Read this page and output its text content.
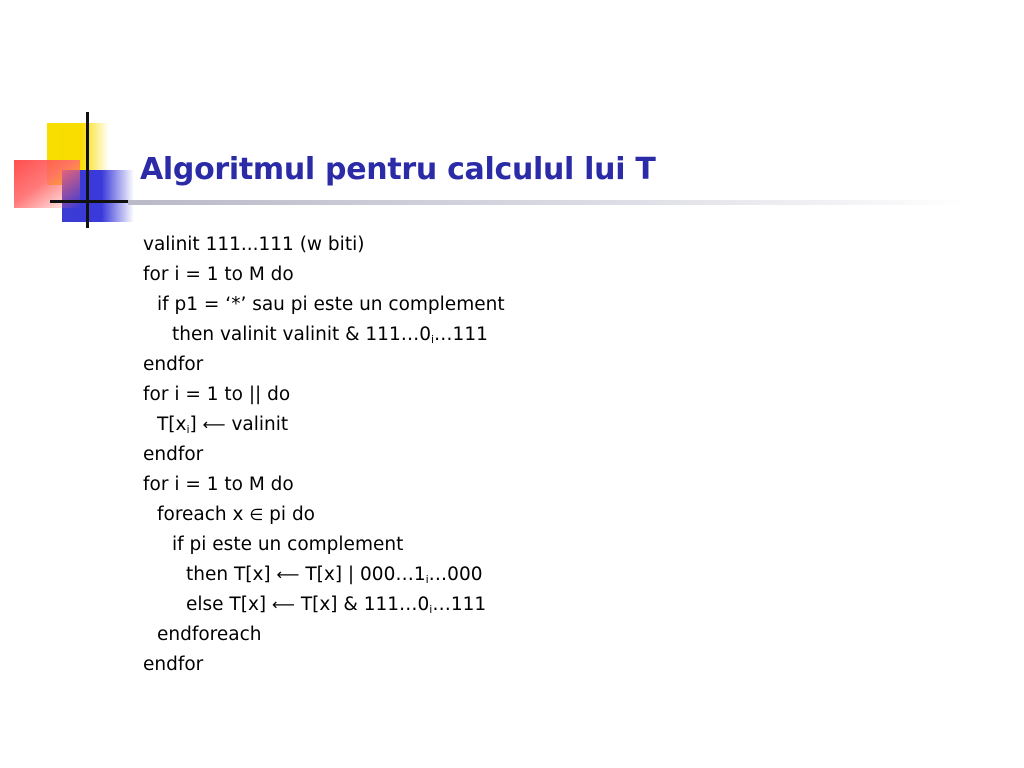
Algoritmul pentru calculul lui T
valinit 111...111 (w biti)
for i = 1 to M do
if p1 = ‘*’ sau pi este un complement
then valinit valinit & $111\dots 0_i\dots 111$
endfor
for i = 1 to || do
$T[x_i]$ ⟵ valinit
endfor
for i = 1 to M do
foreach x ∈ pi do
if pi este un complement
then T[x] ⟵ T[x] | $000\dots 1_i\dots 000$
else T[x] ⟵ T[x] & $111\dots 0_i\dots 111$
endforeach
endfor
